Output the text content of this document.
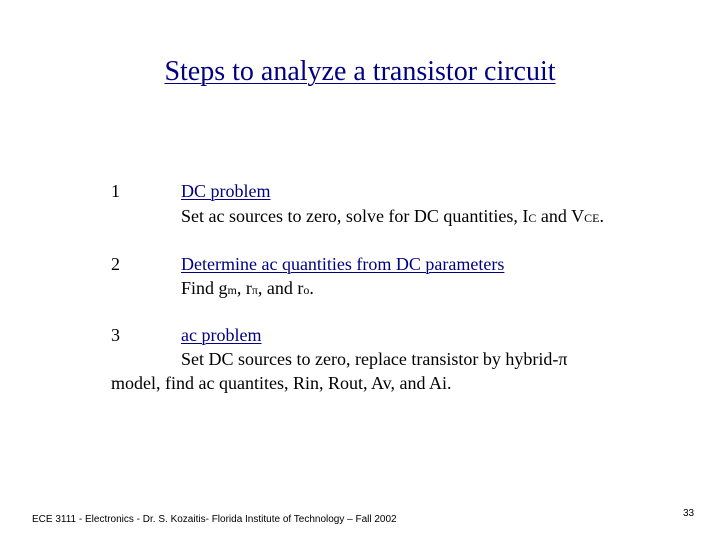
Steps to analyze a transistor circuit
1	DC problem
Set ac sources to zero, solve for DC quantities, IC and VCE.
2	Determine ac quantities from DC parameters
Find gm, rπ, and ro.
3	ac problem
Set DC sources to zero, replace transistor by hybrid-π
model, find ac quantites, Rin, Rout, Av, and Ai.
ECE 3111 - Electronics - Dr. S. Kozaitis- Florida Institute of Technology – Fall 2002
33
